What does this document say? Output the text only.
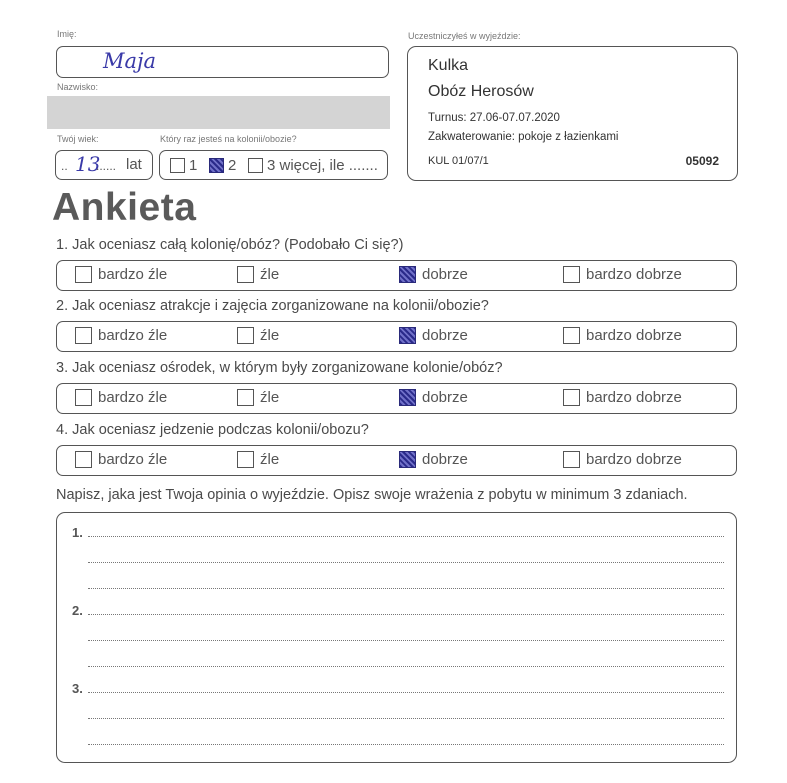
Imię:
Maja
Nazwisko:
Twój wiek:
.. 13
...... lat
Który raz jesteś na kolonii/obozie?
1 2 3 więcej, ile .......
Uczestniczyłeś w wyjeździe:
Kulka
Obóz Herosów
Turnus: 27.06-07.07.2020
Zakwaterowanie: pokoje z łazienkami
KUL 01/07/1	05092
Ankieta
1. Jak oceniasz całą kolonię/obóz? (Podobało Ci się?)
bardzo źle	źle	dobrze	bardzo dobrze
2. Jak oceniasz atrakcje i zajęcia zorganizowane na kolonii/obozie?
bardzo źle	źle	dobrze	bardzo dobrze
3. Jak oceniasz ośrodek, w którym były zorganizowane kolonie/obóz?
bardzo źle	źle	dobrze	bardzo dobrze
4. Jak oceniasz jedzenie podczas kolonii/obozu?
bardzo źle	źle	dobrze	bardzo dobrze
Napisz, jaka jest Twoja opinia o wyjeździe. Opisz swoje wrażenia z pobytu w minimum 3 zdaniach.
1.
2.
3.
